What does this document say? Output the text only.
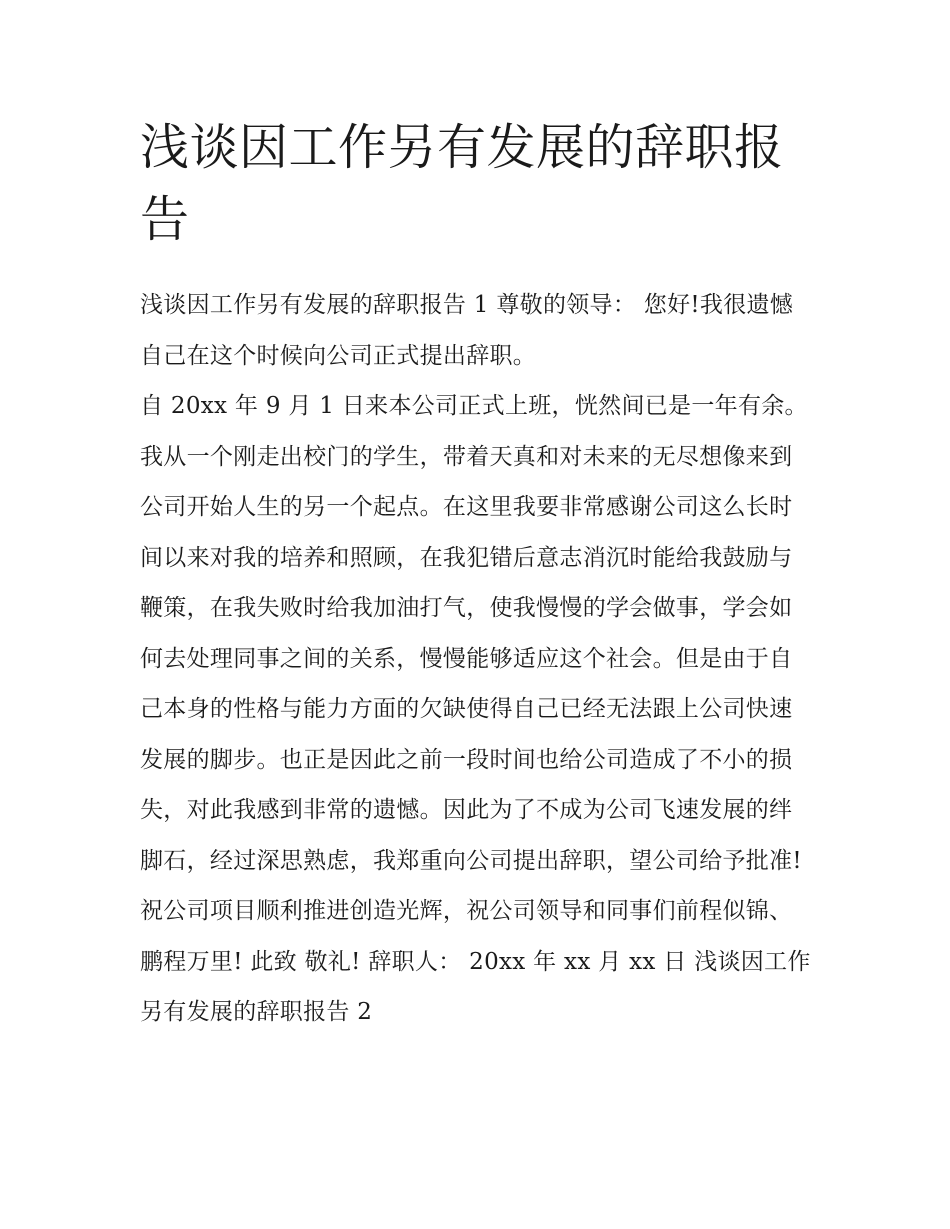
浅谈因工作另有发展的辞职报告

浅谈因工作另有发展的辞职报告 1 尊敬的领导： 您好!我很遗憾自己在这个时候向公司正式提出辞职。

自 20xx 年 9 月 1 日来本公司正式上班，恍然间已是一年有余。我从一个刚走出校门的学生，带着天真和对未来的无尽想像来到公司开始人生的另一个起点。在这里我要非常感谢公司这么长时间以来对我的培养和照顾，在我犯错后意志消沉时能给我鼓励与鞭策，在我失败时给我加油打气，使我慢慢的学会做事，学会如何去处理同事之间的关系，慢慢能够适应这个社会。但是由于自己本身的性格与能力方面的欠缺使得自己已经无法跟上公司快速发展的脚步。也正是因此之前一段时间也给公司造成了不小的损失，对此我感到非常的遗憾。因此为了不成为公司飞速发展的绊脚石，经过深思熟虑，我郑重向公司提出辞职，望公司给予批准!

祝公司项目顺利推进创造光辉，祝公司领导和同事们前程似锦、鹏程万里! 此致 敬礼! 辞职人： 20xx 年 xx 月 xx 日 浅谈因工作另有发展的辞职报告 2
